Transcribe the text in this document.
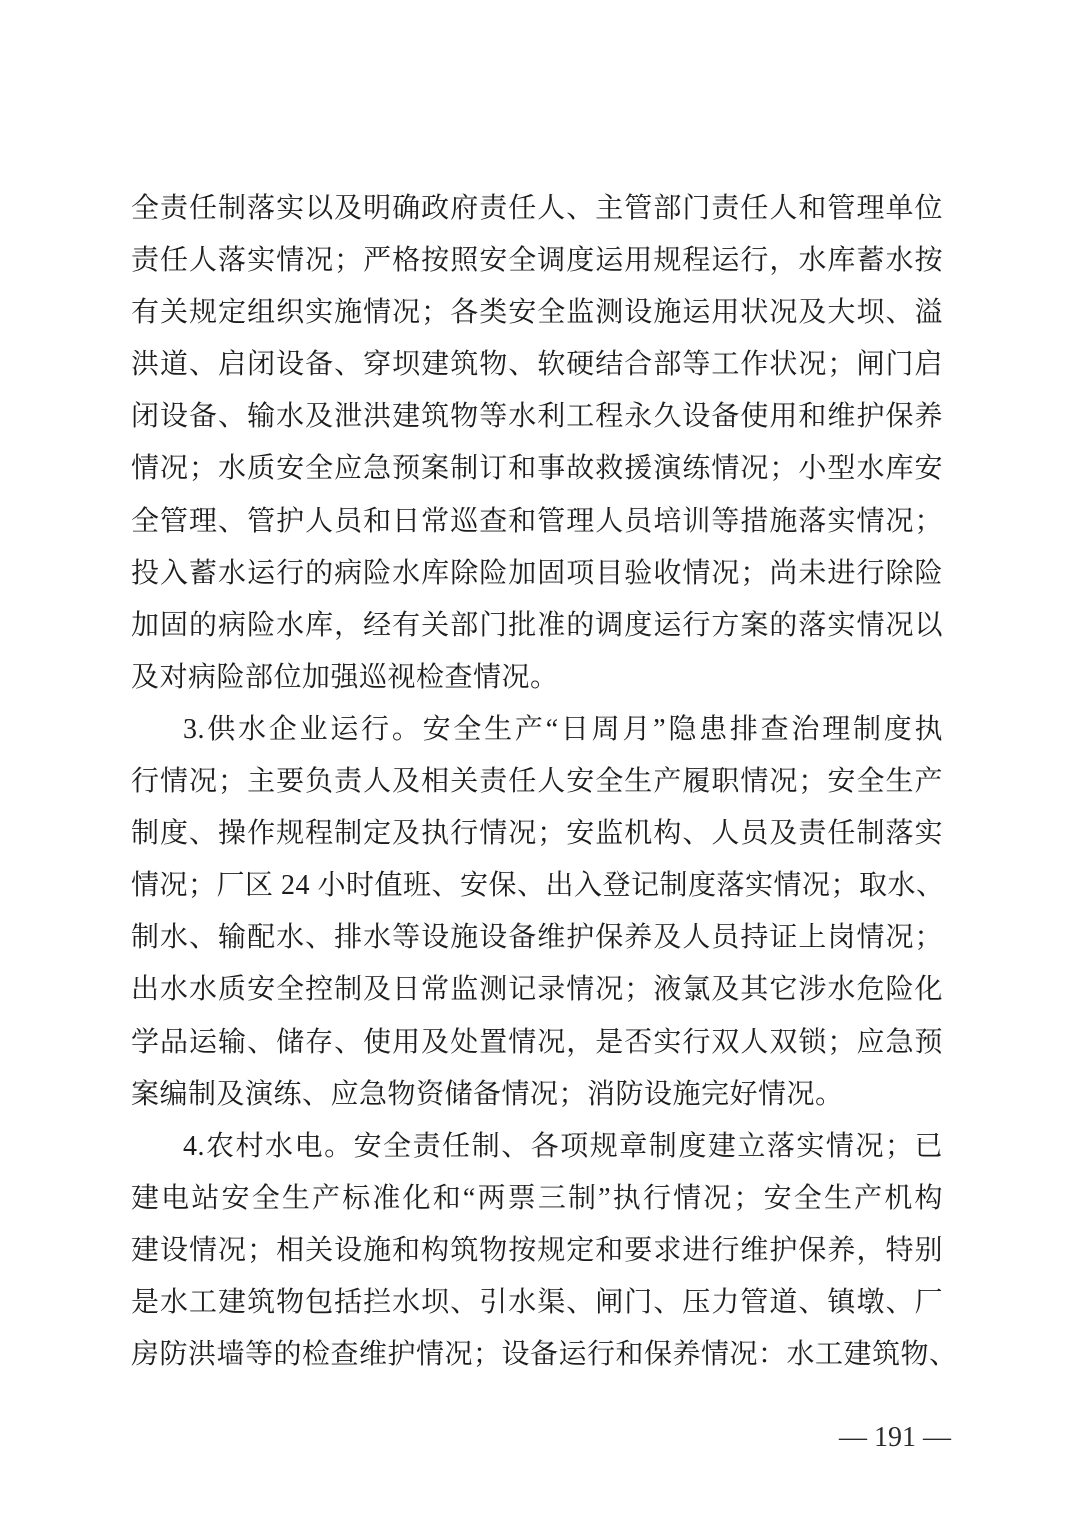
全责任制落实以及明确政府责任人、主管部门责任人和管理单位
责任人落实情况；严格按照安全调度运用规程运行，水库蓄水按
有关规定组织实施情况；各类安全监测设施运用状况及大坝、溢
洪道、启闭设备、穿坝建筑物、软硬结合部等工作状况；闸门启
闭设备、输水及泄洪建筑物等水利工程永久设备使用和维护保养
情况；水质安全应急预案制订和事故救援演练情况；小型水库安
全管理、管护人员和日常巡查和管理人员培训等措施落实情况；
投入蓄水运行的病险水库除险加固项目验收情况；尚未进行除险
加固的病险水库，经有关部门批准的调度运行方案的落实情况以
及对病险部位加强巡视检查情况。
3.供水企业运行。安全生产“日周月”隐患排查治理制度执
行情况；主要负责人及相关责任人安全生产履职情况；安全生产
制度、操作规程制定及执行情况；安监机构、人员及责任制落实
情况；厂区 24 小时值班、安保、出入登记制度落实情况；取水、
制水、输配水、排水等设施设备维护保养及人员持证上岗情况；
出水水质安全控制及日常监测记录情况；液氯及其它涉水危险化
学品运输、储存、使用及处置情况，是否实行双人双锁；应急预
案编制及演练、应急物资储备情况；消防设施完好情况。
4.农村水电。安全责任制、各项规章制度建立落实情况；已
建电站安全生产标准化和“两票三制”执行情况；安全生产机构
建设情况；相关设施和构筑物按规定和要求进行维护保养，特别
是水工建筑物包括拦水坝、引水渠、闸门、压力管道、镇墩、厂
房防洪墙等的检查维护情况；设备运行和保养情况：水工建筑物、
— 191 —
